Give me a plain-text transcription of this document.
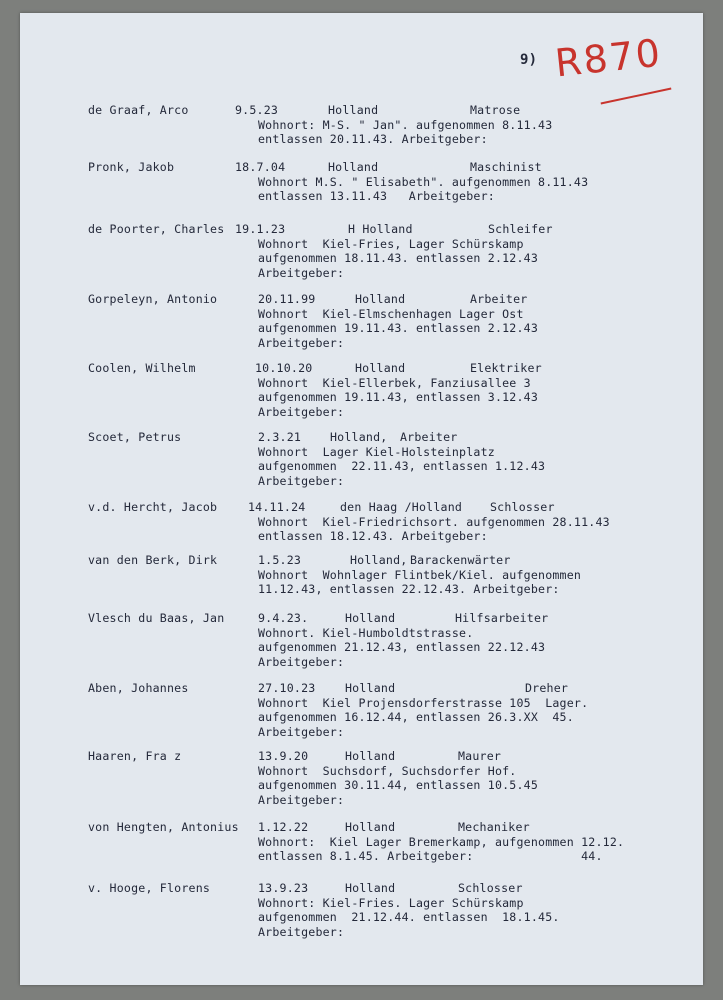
9) R870
de Graaf, Arco	9.5.23	Holland	Matrose
Wohnort: M-S. " Jan". aufgenommen 8.11.43
entlassen 20.11.43. Arbeitgeber:
Pronk, Jakob	18.7.04	Holland	Maschinist
Wohnort M.S. " Elisabeth". aufgenommen 8.11.43
entlassen 13.11.43   Arbeitgeber:
de Poorter, Charles 19.1.23	H Holland	Schleifer
Wohnort  Kiel-Fries, Lager Schürskamp
aufgenommen 18.11.43. entlassen 2.12.43
Arbeitgeber:
Gorpeleyn, Antonio	20.11.99	Holland	Arbeiter
Wohnort  Kiel-Elmschenhagen Lager Ost
aufgenommen 19.11.43. entlassen 2.12.43
Arbeitgeber:
Coolen, Wilhelm	10.10.20	Holland	Elektriker
Wohnort  Kiel-Ellerbek, Fanziusallee 3
aufgenommen 19.11.43, entlassen 3.12.43
Arbeitgeber:
Scoet, Petrus	2.3.21 Holland, Arbeiter
Wohnort  Lager Kiel-Holsteinplatz
aufgenommen  22.11.43, entlassen 1.12.43
Arbeitgeber:
v.d. Hercht, Jacob	14.11.24	den Haag /Holland Schlosser
Wohnort  Kiel-Friedrichsort. aufgenommen 28.11.43
entlassen 18.12.43. Arbeitgeber:
van den Berk, Dirk	1.5.23	Holland, Barackenwärter
Wohnort  Wohnlager Flintbek/Kiel. aufgenommen
11.12.43, entlassen 22.12.43. Arbeitgeber:
Vlesch du Baas, Jan	9.4.23.	Holland	Hilfsarbeiter
Wohnort. Kiel-Humboldtstrasse.
aufgenommen 21.12.43, entlassen 22.12.43
Arbeitgeber:
Aben, Johannes	27.10.23	Holland	Dreher
Wohnort  Kiel Projensdorferstrasse 105  Lager.
aufgenommen 16.12.44, entlassen 26.3.XX  45.
Arbeitgeber:
Haaren, Fra z	13.9.20	Holland	Maurer
Wohnort  Suchsdorf, Suchsdorfer Hof.
aufgenommen 30.11.44, entlassen 10.5.45
Arbeitgeber:
von Hengten, Antonius 1.12.22	Holland	Mechaniker
Wohnort:  Kiel Lager Bremerkamp, aufgenommen 12.12.
entlassen 8.1.45. Arbeitgeber:               44.
v. Hooge, Florens	13.9.23	Holland	Schlosser
Wohnort: Kiel-Fries. Lager Schürskamp
aufgenommen  21.12.44. entlassen  18.1.45.
Arbeitgeber:
